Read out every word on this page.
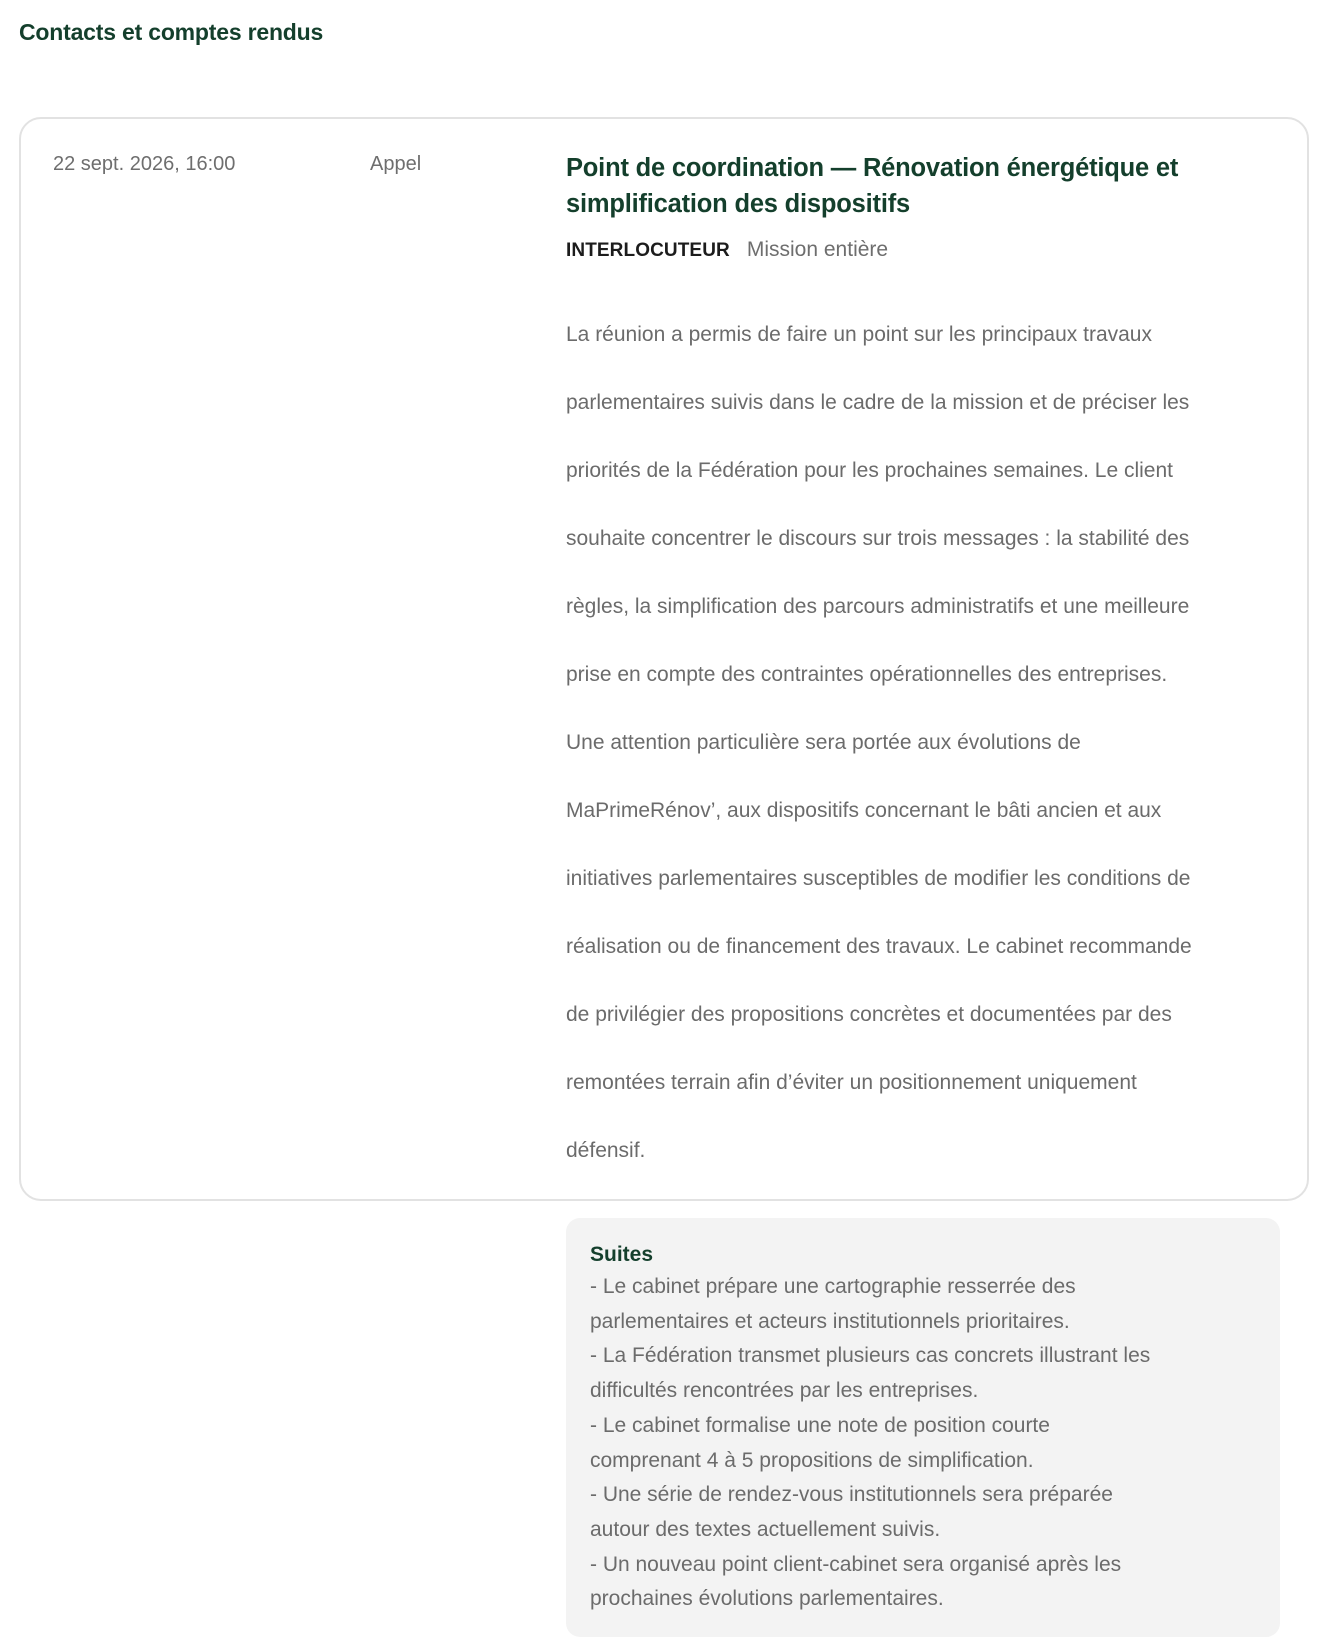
Contacts et comptes rendus
22 sept. 2026, 16:00	Appel	Point de coordination — Rénovation énergétique et simplification des dispositifs
INTERLOCUTEUR Mission entière

La réunion a permis de faire un point sur les principaux travaux

parlementaires suivis dans le cadre de la mission et de préciser les

priorités de la Fédération pour les prochaines semaines. Le client

souhaite concentrer le discours sur trois messages : la stabilité des

règles, la simplification des parcours administratifs et une meilleure

prise en compte des contraintes opérationnelles des entreprises.

Une attention particulière sera portée aux évolutions de

MaPrimeRénov’, aux dispositifs concernant le bâti ancien et aux

initiatives parlementaires susceptibles de modifier les conditions de

réalisation ou de financement des travaux. Le cabinet recommande

de privilégier des propositions concrètes et documentées par des

remontées terrain afin d’éviter un positionnement uniquement

défensif.

Suites
- Le cabinet prépare une cartographie resserrée des
parlementaires et acteurs institutionnels prioritaires.
- La Fédération transmet plusieurs cas concrets illustrant les
difficultés rencontrées par les entreprises.
- Le cabinet formalise une note de position courte
comprenant 4 à 5 propositions de simplification.
- Une série de rendez-vous institutionnels sera préparée
autour des textes actuellement suivis.
- Un nouveau point client-cabinet sera organisé après les
prochaines évolutions parlementaires.
